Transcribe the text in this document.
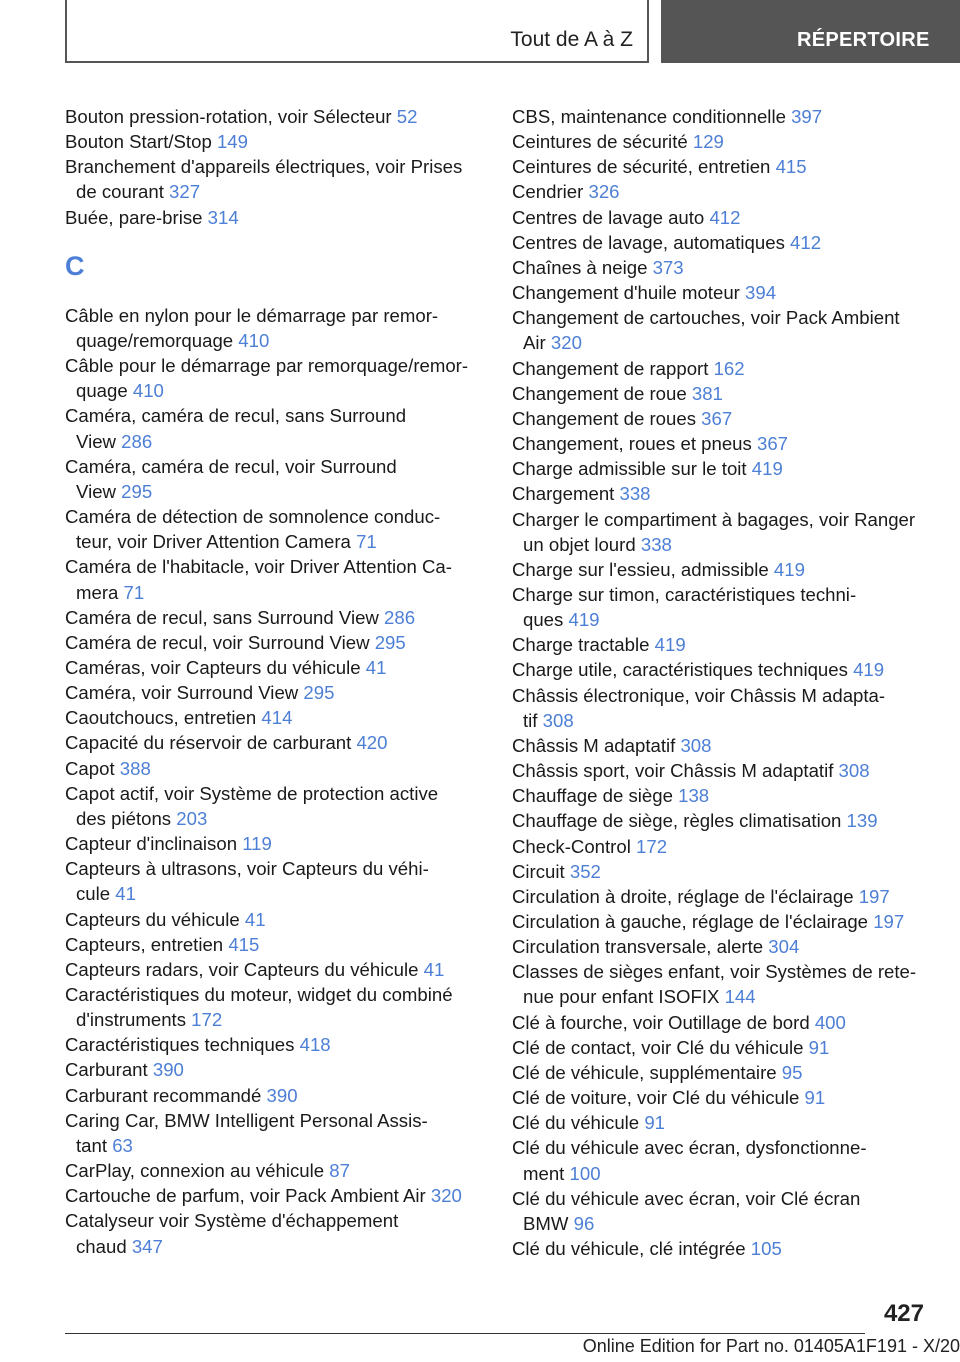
Tout de A à Z	RÉPERTOIRE
Bouton pression-rotation, voir Sélecteur 52
Bouton Start/Stop 149
Branchement d'appareils électriques, voir Prises
de courant 327
Buée, pare-brise 314
C
Câble en nylon pour le démarrage par remor-
quage/remorquage 410
Câble pour le démarrage par remorquage/remor-
quage 410
Caméra, caméra de recul, sans Surround
View 286
Caméra, caméra de recul, voir Surround
View 295
Caméra de détection de somnolence conduc-
teur, voir Driver Attention Camera 71
Caméra de l'habitacle, voir Driver Attention Ca-
mera 71
Caméra de recul, sans Surround View 286
Caméra de recul, voir Surround View 295
Caméras, voir Capteurs du véhicule 41
Caméra, voir Surround View 295
Caoutchoucs, entretien 414
Capacité du réservoir de carburant 420
Capot 388
Capot actif, voir Système de protection active
des piétons 203
Capteur d'inclinaison 119
Capteurs à ultrasons, voir Capteurs du véhi-
cule 41
Capteurs du véhicule 41
Capteurs, entretien 415
Capteurs radars, voir Capteurs du véhicule 41
Caractéristiques du moteur, widget du combiné
d'instruments 172
Caractéristiques techniques 418
Carburant 390
Carburant recommandé 390
Caring Car, BMW Intelligent Personal Assis-
tant 63
CarPlay, connexion au véhicule 87
Cartouche de parfum, voir Pack Ambient Air 320
Catalyseur voir Système d'échappement
chaud 347
CBS, maintenance conditionnelle 397
Ceintures de sécurité 129
Ceintures de sécurité, entretien 415
Cendrier 326
Centres de lavage auto 412
Centres de lavage, automatiques 412
Chaînes à neige 373
Changement d'huile moteur 394
Changement de cartouches, voir Pack Ambient
Air 320
Changement de rapport 162
Changement de roue 381
Changement de roues 367
Changement, roues et pneus 367
Charge admissible sur le toit 419
Chargement 338
Charger le compartiment à bagages, voir Ranger
un objet lourd 338
Charge sur l'essieu, admissible 419
Charge sur timon, caractéristiques techni-
ques 419
Charge tractable 419
Charge utile, caractéristiques techniques 419
Châssis électronique, voir Châssis M adapta-
tif 308
Châssis M adaptatif 308
Châssis sport, voir Châssis M adaptatif 308
Chauffage de siège 138
Chauffage de siège, règles climatisation 139
Check-Control 172
Circuit 352
Circulation à droite, réglage de l'éclairage 197
Circulation à gauche, réglage de l'éclairage 197
Circulation transversale, alerte 304
Classes de sièges enfant, voir Systèmes de rete-
nue pour enfant ISOFIX 144
Clé à fourche, voir Outillage de bord 400
Clé de contact, voir Clé du véhicule 91
Clé de véhicule, supplémentaire 95
Clé de voiture, voir Clé du véhicule 91
Clé du véhicule 91
Clé du véhicule avec écran, dysfonctionne-
ment 100
Clé du véhicule avec écran, voir Clé écran
BMW 96
Clé du véhicule, clé intégrée 105
427
Online Edition for Part no. 01405A1F191 - X/20
